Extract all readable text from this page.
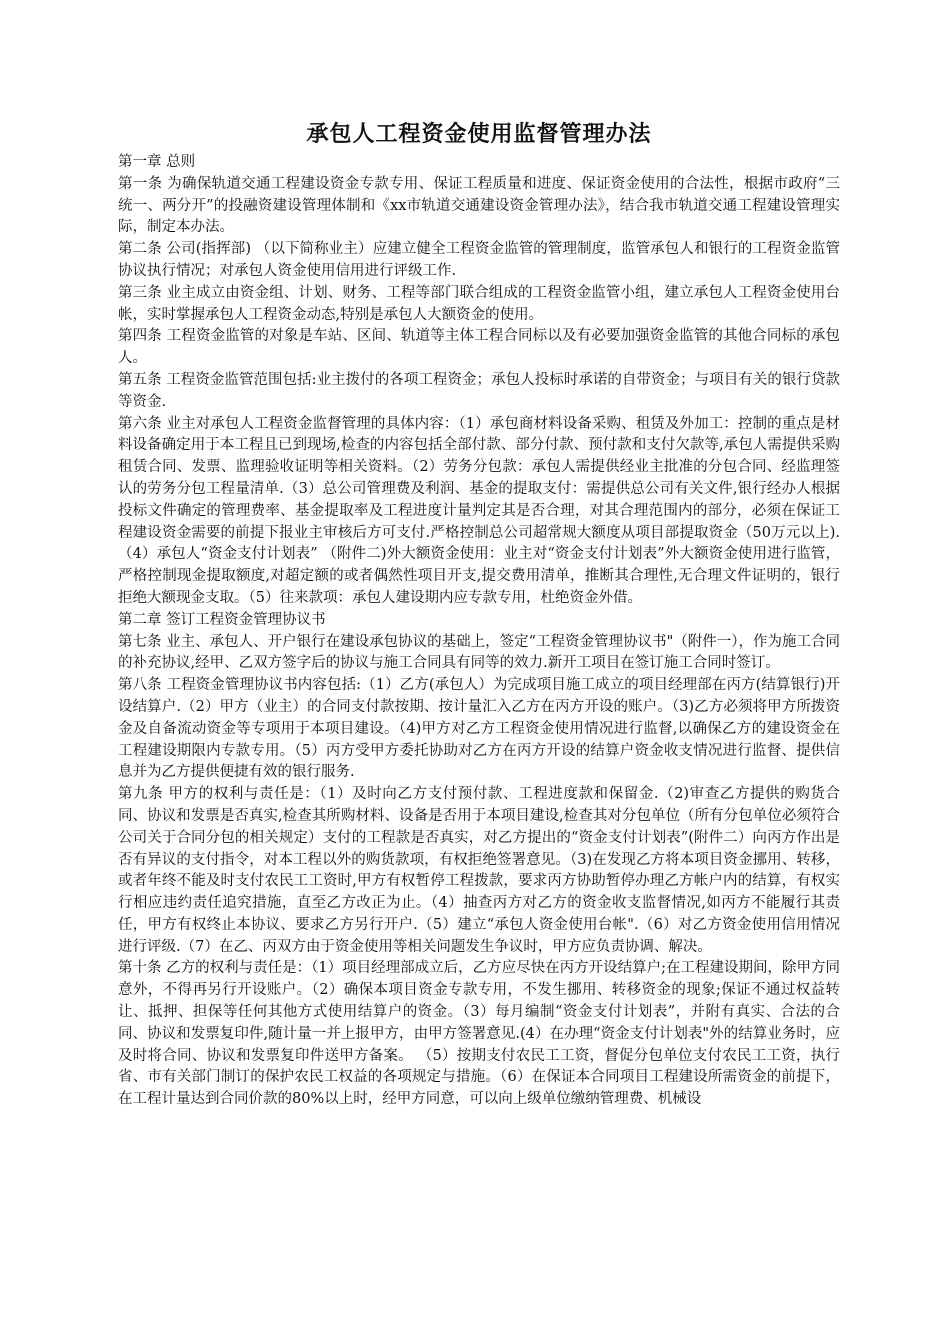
承包人工程资金使用监督管理办法

第一章 总则

第一条 为确保轨道交通工程建设资金专款专用、保证工程质量和进度、保证资金使用的合法性，根据市政府“三统一、两分开”的投融资建设管理体制和《xx市轨道交通建设资金管理办法》，结合我市轨道交通工程建设管理实际，制定本办法。

第二条 公司(指挥部) （以下简称业主）应建立健全工程资金监管的管理制度，监管承包人和银行的工程资金监管协议执行情况；对承包人资金使用信用进行评级工作.

第三条 业主成立由资金组、计划、财务、工程等部门联合组成的工程资金监管小组，建立承包人工程资金使用台帐，实时掌握承包人工程资金动态,特别是承包人大额资金的使用。

第四条 工程资金监管的对象是车站、区间、轨道等主体工程合同标以及有必要加强资金监管的其他合同标的承包人。

第五条 工程资金监管范围包括:业主拨付的各项工程资金；承包人投标时承诺的自带资金；与项目有关的银行贷款等资金.

第六条 业主对承包人工程资金监督管理的具体内容：（1）承包商材料设备采购、租赁及外加工：控制的重点是材料设备确定用于本工程且已到现场,检查的内容包括全部付款、部分付款、预付款和支付欠款等,承包人需提供采购租赁合同、发票、监理验收证明等相关资料。（2）劳务分包款：承包人需提供经业主批准的分包合同、经监理签认的劳务分包工程量清单.（3）总公司管理费及利润、基金的提取支付：需提供总公司有关文件,银行经办人根据投标文件确定的管理费率、基金提取率及工程进度计量判定其是否合理，对其合理范围内的部分，必须在保证工程建设资金需要的前提下报业主审核后方可支付.严格控制总公司超常规大额度从项目部提取资金（50万元以上).（4）承包人“资金支付计划表” （附件二)外大额资金使用：业主对“资金支付计划表”外大额资金使用进行监管，严格控制现金提取额度,对超定额的或者偶然性项目开支,提交费用清单，推断其合理性,无合理文件证明的，银行拒绝大额现金支取。（5）往来款项：承包人建设期内应专款专用，杜绝资金外借。

第二章 签订工程资金管理协议书

第七条 业主、承包人、开户银行在建设承包协议的基础上，签定“工程资金管理协议书"（附件一），作为施工合同的补充协议,经甲、乙双方签字后的协议与施工合同具有同等的效力.新开工项目在签订施工合同时签订。

第八条 工程资金管理协议书内容包括:（1）乙方(承包人）为完成项目施工成立的项目经理部在丙方(结算银行)开设结算户.（2）甲方（业主）的合同支付款按期、按计量汇入乙方在丙方开设的账户。（3)乙方必须将甲方所拨资金及自备流动资金等专项用于本项目建设。（4)甲方对乙方工程资金使用情况进行监督,以确保乙方的建设资金在工程建设期限内专款专用。（5）丙方受甲方委托协助对乙方在丙方开设的结算户资金收支情况进行监督、提供信息并为乙方提供便捷有效的银行服务.

第九条 甲方的权利与责任是：（1）及时向乙方支付预付款、工程进度款和保留金.（2)审查乙方提供的购货合同、协议和发票是否真实,检查其所购材料、设备是否用于本项目建设,检查其对分包单位（所有分包单位必须符合公司关于合同分包的相关规定）支付的工程款是否真实，对乙方提出的“资金支付计划表”(附件二）向丙方作出是否有异议的支付指令，对本工程以外的购货款项，有权拒绝签署意见。（3)在发现乙方将本项目资金挪用、转移，或者年终不能及时支付农民工工资时,甲方有权暂停工程拨款，要求丙方协助暂停办理乙方帐户内的结算，有权实行相应违约责任追究措施，直至乙方改正为止。（4）抽查丙方对乙方的资金收支监督情况,如丙方不能履行其责任，甲方有权终止本协议、要求乙方另行开户.（5）建立“承包人资金使用台帐".（6）对乙方资金使用信用情况进行评级.（7）在乙、丙双方由于资金使用等相关问题发生争议时，甲方应负责协调、解决。

第十条 乙方的权利与责任是：（1）项目经理部成立后，乙方应尽快在丙方开设结算户;在工程建设期间，除甲方同意外，不得再另行开设账户。（2）确保本项目资金专款专用，不发生挪用、转移资金的现象;保证不通过权益转让、抵押、担保等任何其他方式使用结算户的资金。（3）每月编制“资金支付计划表”，并附有真实、合法的合同、协议和发票复印件,随计量一并上报甲方，由甲方签署意见.(4）在办理“资金支付计划表"外的结算业务时，应及时将合同、协议和发票复印件送甲方备案。 （5）按期支付农民工工资，督促分包单位支付农民工工资，执行省、市有关部门制订的保护农民工权益的各项规定与措施。（6）在保证本合同项目工程建设所需资金的前提下，在工程计量达到合同价款的80%以上时，经甲方同意，可以向上级单位缴纳管理费、机械设
